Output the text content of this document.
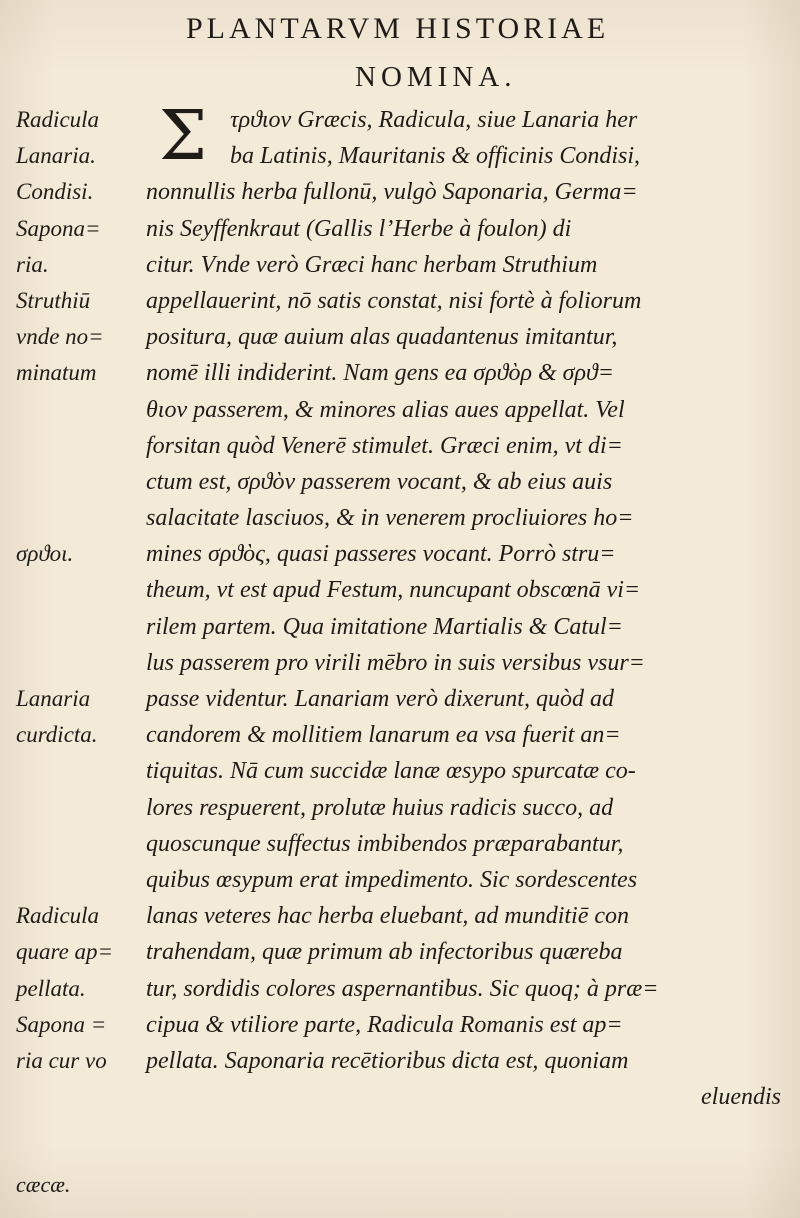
PLANTARVM HISTORIAE
NOMINA.
Σ τρϑιον Græcis, Radicula, siue Lanaria her
ba Latinis, Mauritanis & officinis Condisi,
nonnullis herba fullonū, vulgò Saponaria, Germa=
nis Seyffenkraut (Gallis l’Herbe à foulon) di
citur. Vnde verò Græci hanc herbam Struthium
appellauerint, nō satis constat, nisi fortè à foliorum
positura, quæ auium alas quadantenus imitantur,
nomē illi indiderint. Nam gens ea σρϑὸρ & σρϑ=
θιον passerem, & minores alias aues appellat. Vel
forsitan quòd Venerē stimulet. Græci enim, vt di=
ctum est, σρϑὸν passerem vocant, & ab eius auis
salacitate lasciuos, & in venerem procliuiores ho=
mines σρϑὸς, quasi passeres vocant. Porrò stru=
theum, vt est apud Festum, nuncupant obscœnā vi=
rilem partem. Qua imitatione Martialis & Catul=
lus passerem pro virili mēbro in suis versibus vsur=
passe videntur. Lanariam verò dixerunt, quòd ad
candorem & mollitiem lanarum ea vsa fuerit an=
tiquitas. Nā cum succidæ lanæ œsypo spurcatæ co-
lores respuerent, prolutæ huius radicis succo, ad
quoscunque suffectus imbibendos præparabantur,
quibus œsypum erat impedimento. Sic sordescentes
lanas veteres hac herba eluebant, ad munditiē con
trahendam, quæ primum ab infectoribus quæreba
tur, sordidis colores aspernantibus. Sic quoq; à præ=
cipua & vtiliore parte, Radicula Romanis est ap=
pellata. Saponaria recētioribus dicta est, quoniam
eluendis
Radicula
Lanaria.
Condisi.
Sapona=
ria.
Struthiū
vnde no=
minatum
σρϑοι.
Lanaria
curdicta.
Radicula
quare ap=
pellata.
Sapona =
ria cur vo
cæcæ.
